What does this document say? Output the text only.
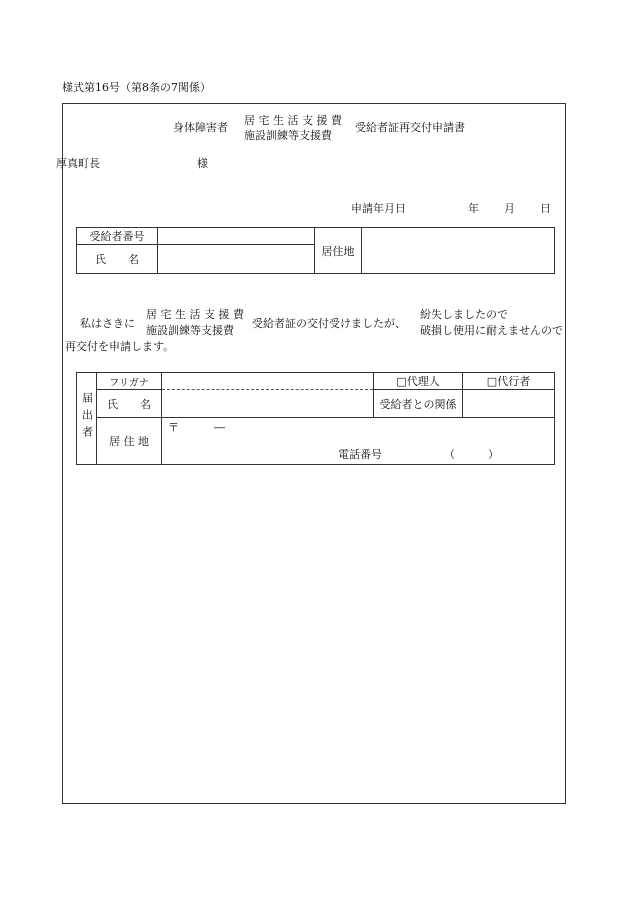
様式第16号（第8条の7関係）
身体障害者
居 宅 生 活 支 援 費
施設訓練等支援費
受給者証再交付申請書
厚真町長	様
申請年月日	年 月 日
受給者番号		居住地	
氏　　名			
私はさきに
居 宅 生 活 支 援 費
施設訓練等支援費
受給者証の交付受けましたが、
紛失しましたので
破損し使用に耐えませんので
再交付を申請します。
届出者	フリガナ		□代理人	□代行者
	氏　　名		受給者との関係	
	居 住 地	〒 ―
電話番号 （　　　）		
